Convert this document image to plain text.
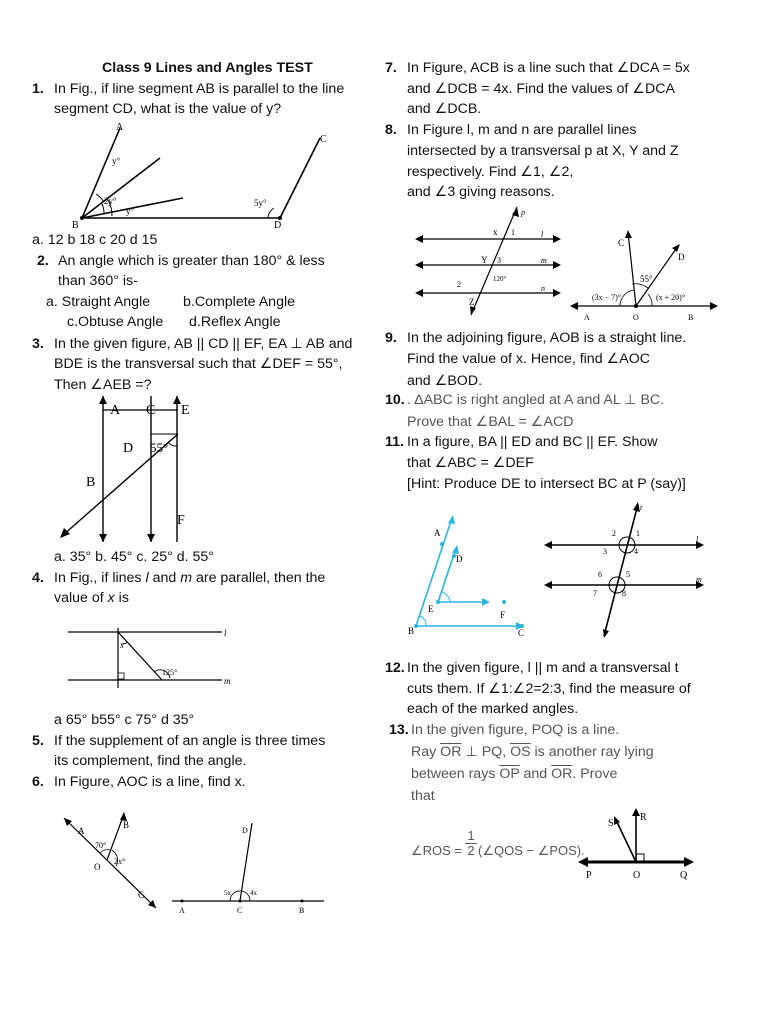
Class 9 Lines and Angles TEST
1. In Fig., if line segment AB is parallel to the line
segment CD, what is the value of y?
A
B
C
D
y°
2y°
y°
5y°
a. 12 b 18 c 20 d 15
2. An angle which is greater than 180° & less
than 360° is-
a. Straight Angle b.Complete Angle
c.Obtuse Angle d.Reflex Angle
3. In the given figure, AB || CD || EF, EA ⊥ AB and
BDE is the transversal such that ∠DEF = 55°,
Then ∠AEB =?
A C E
D 55°
B
F
a. 35° b. 45° c. 25° d. 55°
4. In Fig., if lines l and m are parallel, then the
value of x is
l
m
x
125°
a 65° b55° c 75° d 35°
5. If the supplement of an angle is three times
its complement, find the angle.
6. In Figure, AOC is a line, find x.
A
B
O
C
70°
2x°
D
A	C	B
5x	4x
7. In Figure, ACB is a line such that ∠DCA = 5x
and ∠DCB = 4x. Find the values of ∠DCA
and ∠DCB.
8. In Figure l, m and n are parallel lines
intersected by a transversal p at X, Y and Z
respectively. Find ∠1, ∠2,
and ∠3 giving reasons.
p
x 1	l
Y 3	m
120°
2	n
Z
C
D
55°
(3x − 7)°	(x + 20)°
A	O	B
9. In the adjoining figure, AOB is a straight line.
Find the value of x. Hence, find ∠AOC
and ∠BOD.
10. . ΔABC is right angled at A and AL ⊥ BC.
Prove that ∠BAL = ∠ACD
11. In a figure, BA || ED and BC || EF. Show
that ∠ABC = ∠DEF
[Hint: Produce DE to intersect BC at P (say)]
A
D
E
F
B	C
t
l
m
2	1
3	4
6	5
7	8
12. In the given figure, l || m and a transversal t
cuts them. If ∠1:∠2=2:3, find the measure of
each of the marked angles.
13. In the given figure, POQ is a line.
Ray $\overline{OR}$ ⊥ PQ, $\overline{OS}$ is another ray lying
between rays $\overline{OP}$ and $\overline{OR}$. Prove
that
∠ROS = $\frac{1}{2}$ (∠QOS − ∠POS).
S
R
P	O	Q
